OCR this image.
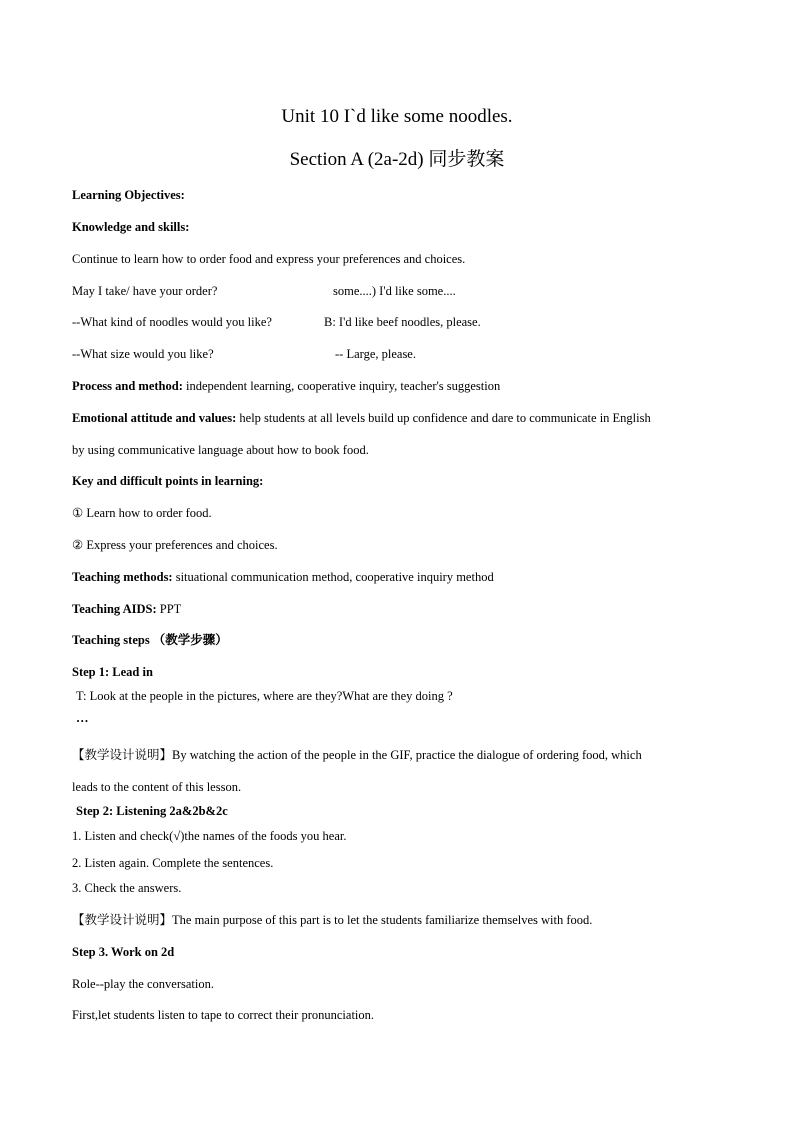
Unit 10 I`d like some noodles.
Section A (2a-2d) 同步教案
Learning Objectives:
Knowledge and skills:
Continue to learn how to order food and express your preferences and choices.
May I take/ have your order?	some....) I'd like some....
--What kind of noodles would you like?	B: I'd like beef noodles, please.
--What size would you like?	-- Large, please.
Process and method: independent learning, cooperative inquiry, teacher's suggestion
Emotional attitude and values: help students at all levels build up confidence and dare to communicate in English
by using communicative language about how to book food.
Key and difficult points in learning:
① Learn how to order food.
② Express your preferences and choices.
Teaching methods: situational communication method, cooperative inquiry method
Teaching AIDS: PPT
Teaching steps （教学步骤）
Step 1: Lead in
T: Look at the people in the pictures, where are they?What are they doing ?
…
【教学设计说明】By watching the action of the people in the GIF, practice the dialogue of ordering food, which
leads to the content of this lesson.
Step 2: Listening 2a&2b&2c
1. Listen and check(√)the names of the foods you hear.
2. Listen again. Complete the sentences.
3. Check the answers.
【教学设计说明】The main purpose of this part is to let the students familiarize themselves with food.
Step 3. Work on 2d
Role--play the conversation.
First,let students listen to tape to correct their pronunciation.
